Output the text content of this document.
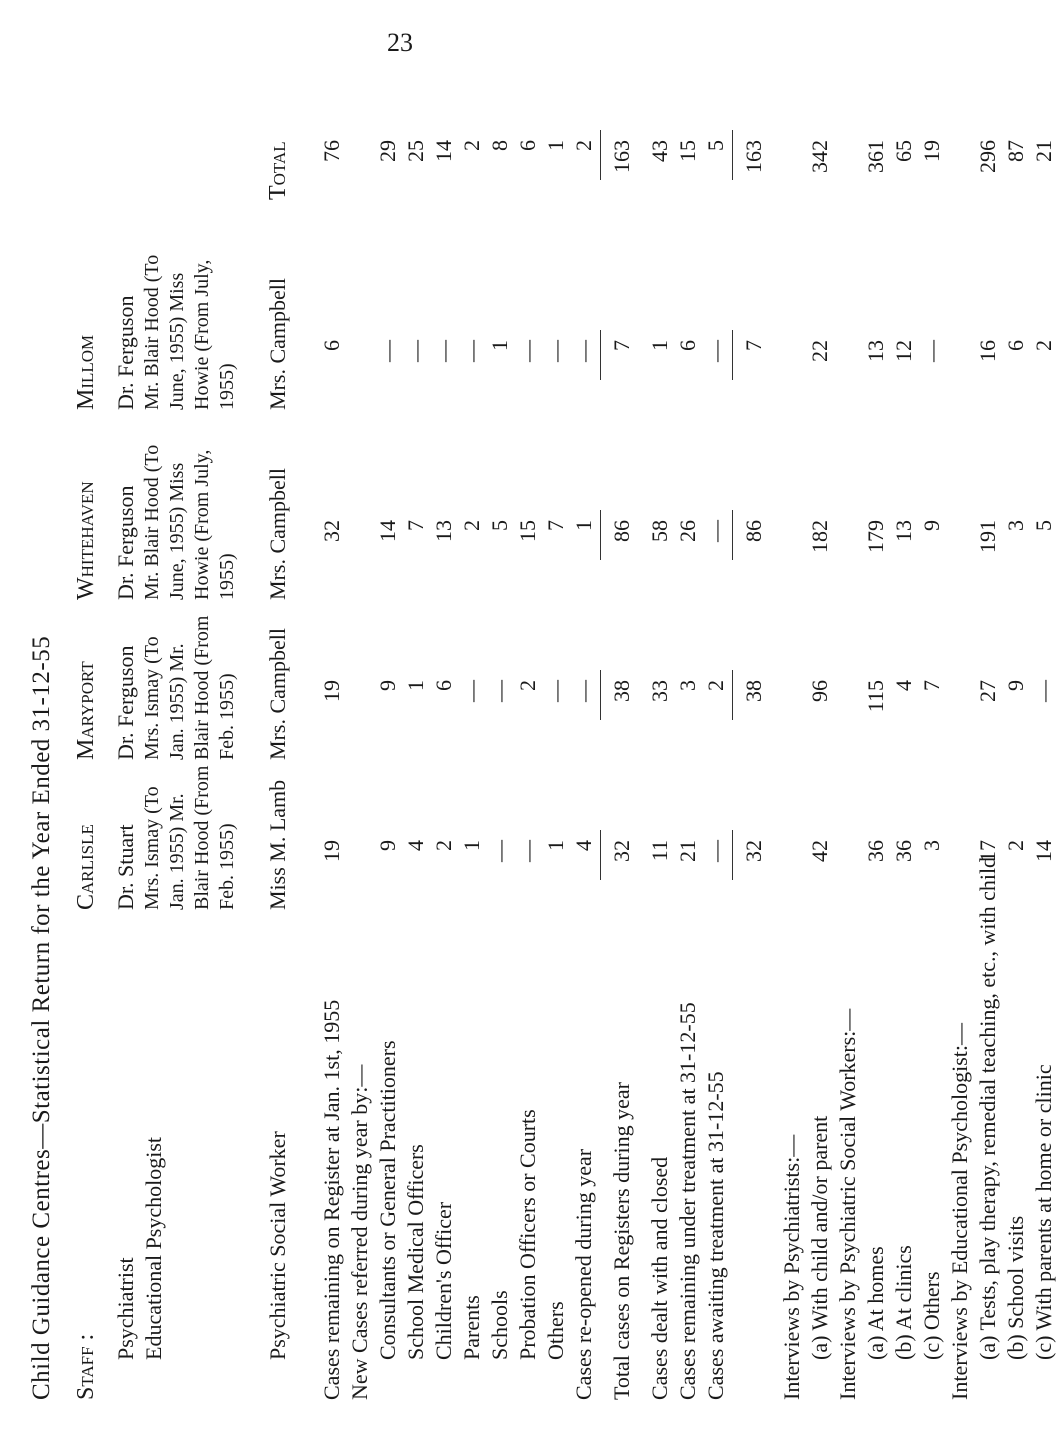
23
Child Guidance Centres—Statistical Return for the Year Ended 31-12-55 Staff :
Carlisle
Maryport
Whitehaven
Millom
Psychiatrist
Dr. Stuart
Dr. Ferguson
Dr. Ferguson
Dr. Ferguson
Educational Psychologist
Mrs. Ismay (To Jan. 1955) Mr. Blair Hood (From Feb. 1955)
Mrs. Ismay (To Jan. 1955) Mr. Blair Hood (From Feb. 1955)
Mr. Blair Hood (To June, 1955) Miss Howie (From July, 1955)
Mr. Blair Hood (To June, 1955) Miss Howie (From July, 1955)
Psychiatric Social Worker
Miss M. Lamb
Mrs. Campbell
Mrs. Campbell
Mrs. Campbell
Total
Cases remaining on Register at Jan. 1st, 1955
19
19
32
6
76
New Cases referred during year by:— Consultants or General Practitioners
9
9
14
—
29
School Medical Officers
4
1
7
—
25
Children's Officer
2
6
13
—
14
Parents
1
—
2
—
2
Schools
—
—
5
1
8
Probation Officers or Courts
—
2
15
—
6
Others
1
—
7
—
1
Cases re-opened during year
4
—
1
—
2
Total cases on Registers during year
32
38
86
7
163
Cases dealt with and closed
11
33
58
1
43
Cases remaining under treatment at 31-12-55
21
3
26
6
15
Cases awaiting treatment at 31-12-55
—
2
—
—
5
32
38
86
7
163
Interviews by Psychiatrists:— (a) With child and/or parent
42
96
182
22
342
Interviews by Psychiatric Social Workers:— (a) At homes
36
115
179
13
361
(b) At clinics
36
4
13
12
65
(c) Others
3
7
9
—
19
Interviews by Educational Psychologist:— (a) Tests, play therapy, remedial teaching, etc., with child
17
27
191
16
296
(b) School visits
2
9
3
6
87
(c) With parents at home or clinic
14
—
5
2
21
